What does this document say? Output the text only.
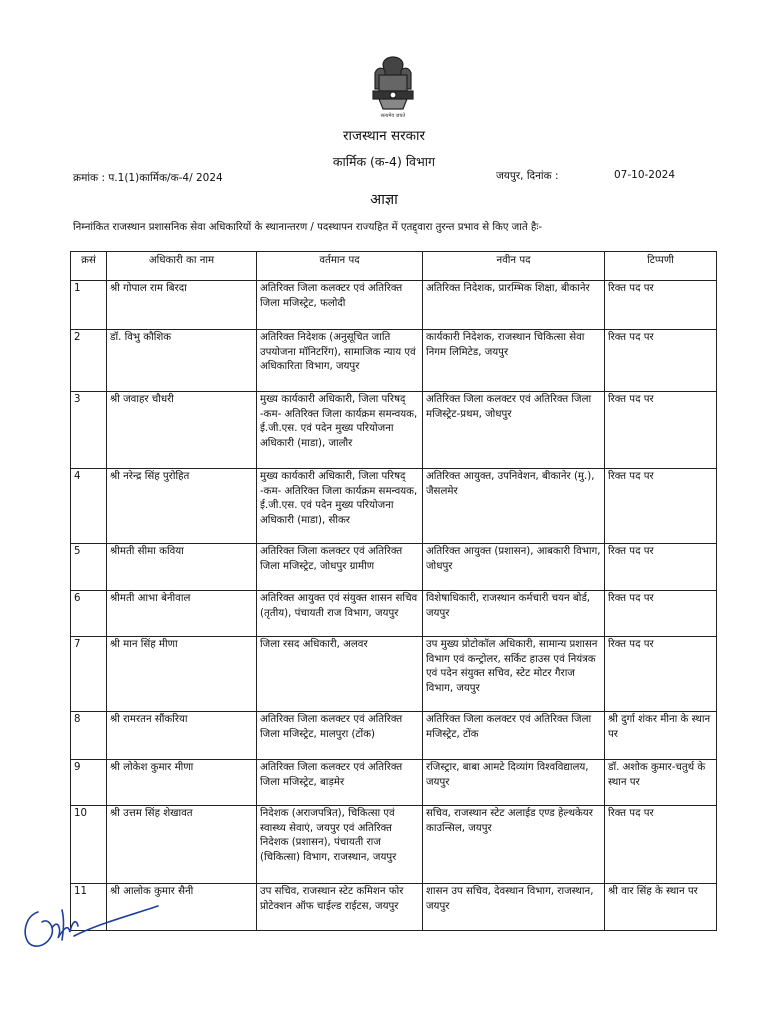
सत्यमेव जयते
राजस्थान सरकार
कार्मिक (क-4) विभाग
क्रमांक : प.1(1)कार्मिक/क-4/ 2024	जयपुर, दिनांक :	07-10-2024
आज्ञा
निम्नांकित राजस्थान प्रशासनिक सेवा अधिकारियों के स्थानान्तरण / पदस्थापन राज्यहित में एतद्द्वारा तुरन्त प्रभाव से किए जाते हैः-
क्रसं	अधिकारी का नाम	वर्तमान पद	नवीन पद	टिप्पणी
1	श्री गोपाल राम बिरदा	अतिरिक्त जिला कलक्टर एवं अतिरिक्त जिला मजिस्ट्रेट, फलोदी	अतिरिक्त निदेशक, प्रारम्भिक शिक्षा, बीकानेर	रिक्त पद पर
2	डॉ. विभु कौशिक	अतिरिक्त निदेशक (अनुसूचित जाति उपयोजना मॉनिटरिंग), सामाजिक न्याय एवं अधिकारिता विभाग, जयपुर	कार्यकारी निदेशक, राजस्थान चिकित्सा सेवा निगम लिमिटेड, जयपुर	रिक्त पद पर
3	श्री जवाहर चौधरी	मुख्य कार्यकारी अधिकारी, जिला परिषद् -कम- अतिरिक्त जिला कार्यक्रम समन्वयक, ई.जी.एस. एवं पदेन मुख्य परियोजना अधिकारी (माडा), जालौर	अतिरिक्त जिला कलक्टर एवं अतिरिक्त जिला मजिस्ट्रेट-प्रथम, जोधपुर	रिक्त पद पर
4	श्री नरेन्द्र सिंह पुरोहित	मुख्य कार्यकारी अधिकारी, जिला परिषद् -कम- अतिरिक्त जिला कार्यक्रम समन्वयक, ई.जी.एस. एवं पदेन मुख्य परियोजना अधिकारी (माडा), सीकर	अतिरिक्त आयुक्त, उपनिवेशन, बीकानेर (मु.), जैसलमेर	रिक्त पद पर
5	श्रीमती सीमा कविया	अतिरिक्त जिला कलक्टर एवं अतिरिक्त जिला मजिस्ट्रेट, जोधपुर ग्रामीण	अतिरिक्त आयुक्त (प्रशासन), आबकारी विभाग, जोधपुर	रिक्त पद पर
6	श्रीमती आभा बेनीवाल	अतिरिक्त आयुक्त एवं संयुक्त शासन सचिव (तृतीय), पंचायती राज विभाग, जयपुर	विशेषाधिकारी, राजस्थान कर्मचारी चयन बोर्ड, जयपुर	रिक्त पद पर
7	श्री मान सिंह मीणा	जिला रसद अधिकारी, अलवर	उप मुख्य प्रोटोकॉल अधिकारी, सामान्य प्रशासन विभाग एवं कन्ट्रोलर, सर्किट हाउस एवं नियंत्रक एवं पदेन संयुक्त सचिव, स्टेट मोटर गैराज विभाग, जयपुर	रिक्त पद पर
8	श्री रामरतन सौंकरिया	अतिरिक्त जिला कलक्टर एवं अतिरिक्त जिला मजिस्ट्रेट, मालपुरा (टोंक)	अतिरिक्त जिला कलक्टर एवं अतिरिक्त जिला मजिस्ट्रेट, टोंक	श्री दुर्गा शंकर मीना के स्थान पर
9	श्री लोकेश कुमार मीणा	अतिरिक्त जिला कलक्टर एवं अतिरिक्त जिला मजिस्ट्रेट, बाड़मेर	रजिस्ट्रार, बाबा आमटे दिव्यांग विश्वविद्यालय, जयपुर	डॉ. अशोक कुमार-चतुर्थ के स्थान पर
10	श्री उत्तम सिंह शेखावत	निदेशक (अराजपत्रित), चिकित्सा एवं स्वास्थ्य सेवाएं, जयपुर एवं अतिरिक्त निदेशक (प्रशासन), पंचायती राज (चिकित्सा) विभाग, राजस्थान, जयपुर	सचिव, राजस्थान स्टेट अलाईड एण्ड हेल्थकेयर काउन्सिल, जयपुर	रिक्त पद पर
11	श्री आलोक कुमार सैनी	उप सचिव, राजस्थान स्टेट कमिशन फोर प्रोटेक्शन ऑफ चाईल्ड राईटस, जयपुर	शासन उप सचिव, देवस्थान विभाग, राजस्थान, जयपुर	श्री वार सिंह के स्थान पर
